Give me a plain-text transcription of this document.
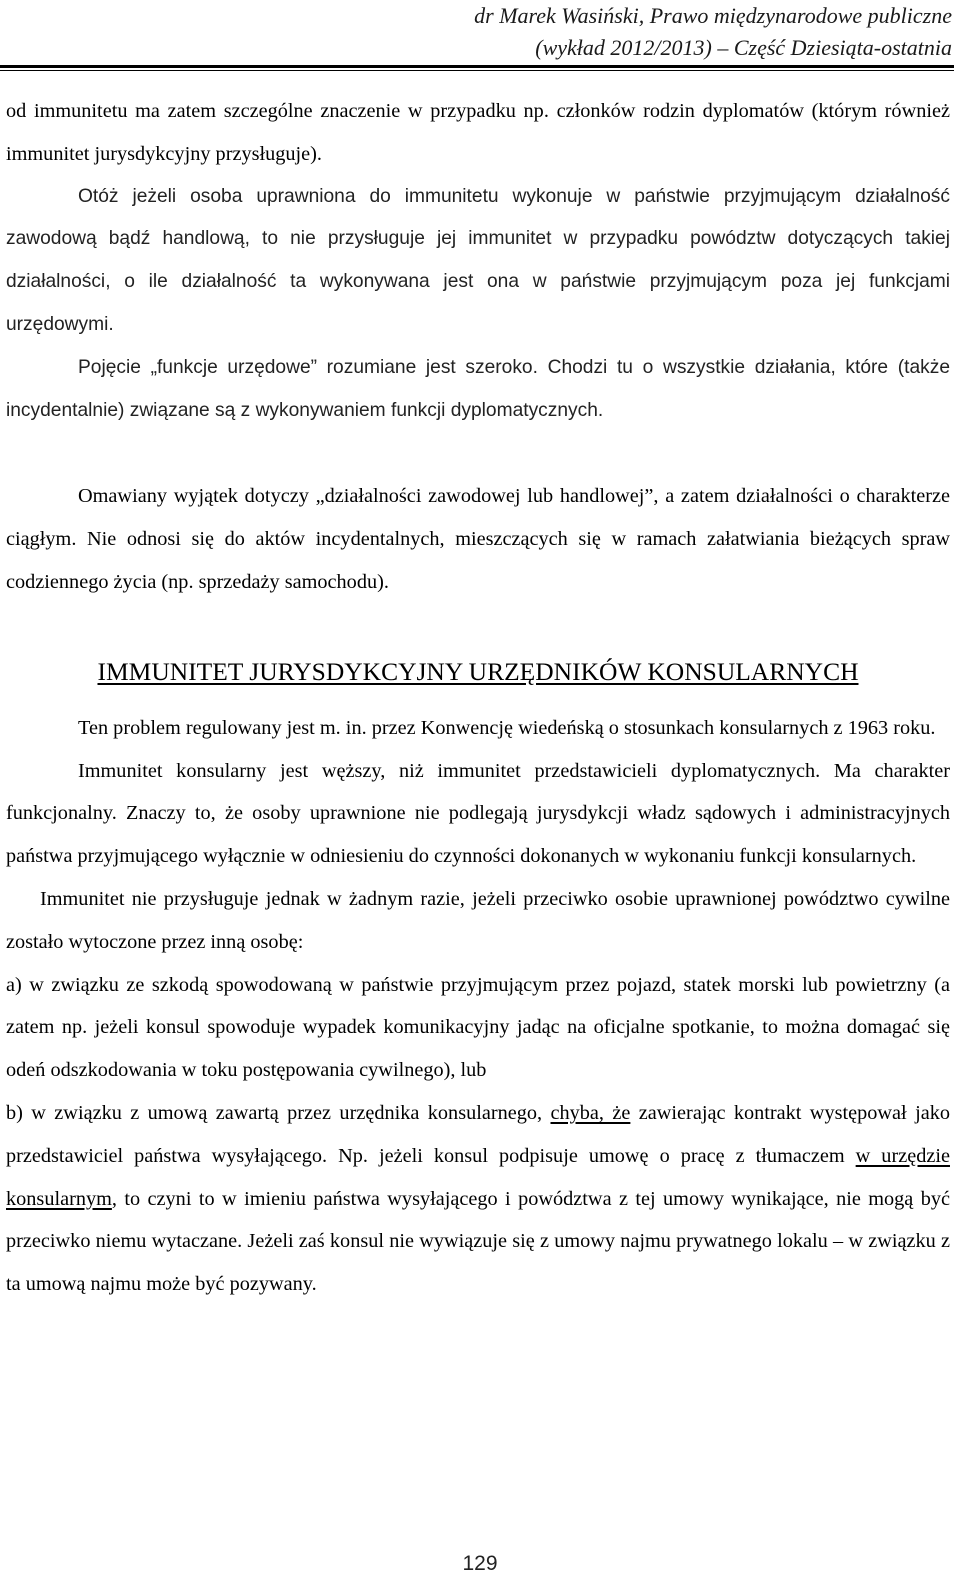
dr Marek Wasiński, Prawo międzynarodowe publiczne
(wykład 2012/2013) – Część Dziesiąta-ostatnia

od immunitetu ma zatem szczególne znaczenie w przypadku np. członków rodzin dyplomatów (którym również immunitet jurysdykcyjny przysługuje).

Otóż jeżeli osoba uprawniona do immunitetu wykonuje w państwie przyjmującym działalność zawodową bądź handlową, to nie przysługuje jej immunitet w przypadku powództw dotyczących takiej działalności, o ile działalność ta wykonywana jest ona w państwie przyjmującym poza jej funkcjami urzędowymi.

Pojęcie „funkcje urzędowe” rozumiane jest szeroko. Chodzi tu o wszystkie działania, które (także incydentalnie) związane są z wykonywaniem funkcji dyplomatycznych.

Omawiany wyjątek dotyczy „działalności zawodowej lub handlowej”, a zatem działalności o charakterze ciągłym. Nie odnosi się do aktów incydentalnych, mieszczących się w ramach załatwiania bieżących spraw codziennego życia (np. sprzedaży samochodu).

IMMUNITET JURYSDYKCYJNY URZĘDNIKÓW KONSULARNYCH

Ten problem regulowany jest m. in. przez Konwencję wiedeńską o stosunkach konsularnych z 1963 roku.

Immunitet konsularny jest węższy, niż immunitet przedstawicieli dyplomatycznych. Ma charakter funkcjonalny. Znaczy to, że osoby uprawnione nie podlegają jurysdykcji władz sądowych i administracyjnych państwa przyjmującego wyłącznie w odniesieniu do czynności dokonanych w wykonaniu funkcji konsularnych.

Immunitet nie przysługuje jednak w żadnym razie, jeżeli przeciwko osobie uprawnionej powództwo cywilne zostało wytoczone przez inną osobę:

a) w związku ze szkodą spowodowaną w państwie przyjmującym przez pojazd, statek morski lub powietrzny (a zatem np. jeżeli konsul spowoduje wypadek komunikacyjny jadąc na oficjalne spotkanie, to można domagać się odeń odszkodowania w toku postępowania cywilnego), lub

b) w związku z umową zawartą przez urzędnika konsularnego, chyba, że zawierając kontrakt występował jako przedstawiciel państwa wysyłającego. Np. jeżeli konsul podpisuje umowę o pracę z tłumaczem w urzędzie konsularnym, to czyni to w imieniu państwa wysyłającego i powództwa z tej umowy wynikające, nie mogą być przeciwko niemu wytaczane. Jeżeli zaś konsul nie wywiązuje się z umowy najmu prywatnego lokalu – w związku z ta umową najmu może być pozywany.

129
